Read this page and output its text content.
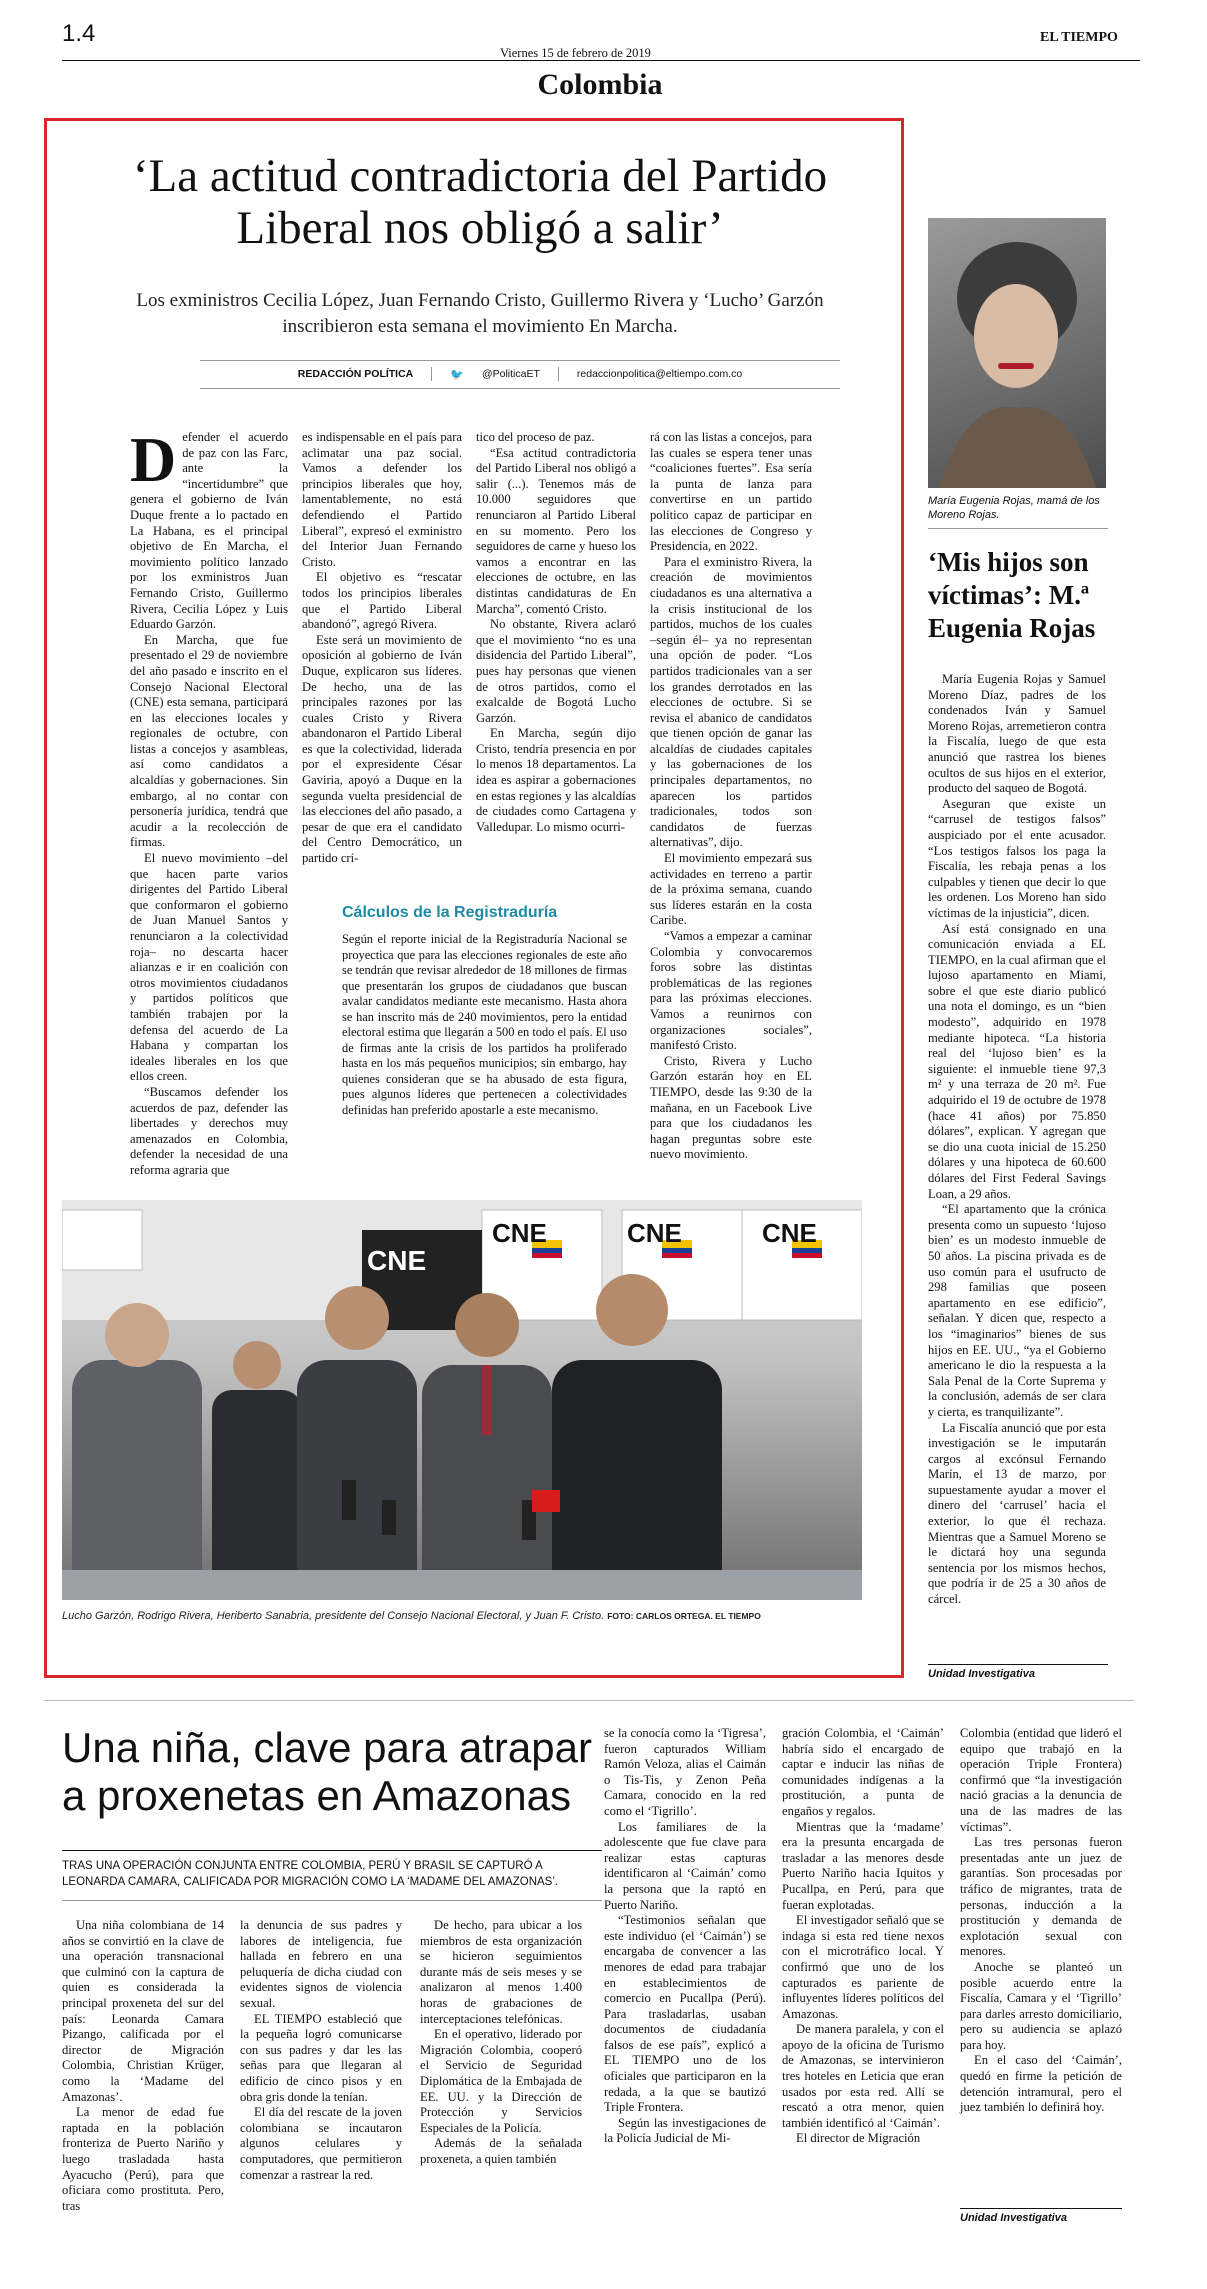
1.4
Viernes 15 de febrero de 2019
EL TIEMPO
Colombia
‘La actitud contradictoria del Partido Liberal nos obligó a salir’
Los exministros Cecilia López, Juan Fernando Cristo, Guillermo Rivera y ‘Lucho’ Garzón inscribieron esta semana el movimiento En Marcha.
REDACCIÓN POLÍTICA	🐦 @PoliticaET	redaccionpolitica@eltiempo.com.co

Defender el acuerdo de paz con las Farc, ante la “incertidumbre” que genera el gobierno de Iván Duque frente a lo pactado en La Habana, es el principal objetivo de En Marcha, el movimiento político lanzado por los exministros Juan Fernando Cristo, Guillermo Rivera, Cecilia López y Luis Eduardo Garzón.

En Marcha, que fue presentado el 29 de noviembre del año pasado e inscrito en el Consejo Nacional Electoral (CNE) esta semana, participará en las elecciones locales y regionales de octubre, con listas a concejos y asambleas, así como candidatos a alcaldías y gobernaciones. Sin embargo, al no contar con personería jurídica, tendrá que acudir a la recolección de firmas.

El nuevo movimiento –del que hacen parte varios dirigentes del Partido Liberal que conformaron el gobierno de Juan Manuel Santos y renunciaron a la colectividad roja– no descarta hacer alianzas e ir en coalición con otros movimientos ciudadanos y partidos políticos que también trabajen por la defensa del acuerdo de La Habana y compartan los ideales liberales en los que ellos creen.

“Buscamos defender los acuerdos de paz, defender las libertades y derechos muy amenazados en Colombia, defender la necesidad de una reforma agraria que

es indispensable en el país para aclimatar una paz social. Vamos a defender los principios liberales que hoy, lamentablemente, no está defendiendo el Partido Liberal”, expresó el exministro del Interior Juan Fernando Cristo.

El objetivo es “rescatar todos los principios liberales que el Partido Liberal abandonó”, agregó Rivera.

Este será un movimiento de oposición al gobierno de Iván Duque, explicaron sus líderes. De hecho, una de las principales razones por las cuales Cristo y Rivera abandonaron el Partido Liberal es que la colectividad, liderada por el expresidente César Gaviria, apoyó a Duque en la segunda vuelta presidencial de las elecciones del año pasado, a pesar de que era el candidato del Centro Democrático, un partido crí-

tico del proceso de paz.

“Esa actitud contradictoria del Partido Liberal nos obligó a salir (...). Tenemos más de 10.000 seguidores que renunciaron al Partido Liberal en su momento. Pero los seguidores de carne y hueso los vamos a encontrar en las elecciones de octubre, en las distintas candidaturas de En Marcha”, comentó Cristo.

No obstante, Rivera aclaró que el movimiento “no es una disidencia del Partido Liberal”, pues hay personas que vienen de otros partidos, como el exalcalde de Bogotá Lucho Garzón.

En Marcha, según dijo Cristo, tendría presencia en por lo menos 18 departamentos. La idea es aspirar a gobernaciones en estas regiones y las alcaldías de ciudades como Cartagena y Valledupar. Lo mismo ocurri-

rá con las listas a concejos, para las cuales se espera tener unas “coaliciones fuertes”. Esa sería la punta de lanza para convertirse en un partido político capaz de participar en las elecciones de Congreso y Presidencia, en 2022.

Para el exministro Rivera, la creación de movimientos ciudadanos es una alternativa a la crisis institucional de los partidos, muchos de los cuales –según él– ya no representan una opción de poder. “Los partidos tradicionales van a ser los grandes derrotados en las elecciones de octubre. Si se revisa el abanico de candidatos que tienen opción de ganar las alcaldías de ciudades capitales y las gobernaciones de los principales departamentos, no aparecen los partidos tradicionales, todos son candidatos de fuerzas alternativas”, dijo.

El movimiento empezará sus actividades en terreno a partir de la próxima semana, cuando sus líderes estarán en la costa Caribe.

“Vamos a empezar a caminar Colombia y convocaremos foros sobre las distintas problemáticas de las regiones para las próximas elecciones. Vamos a reunirnos con organizaciones sociales”, manifestó Cristo.

Cristo, Rivera y Lucho Garzón estarán hoy en EL TIEMPO, desde las 9:30 de la mañana, en un Facebook Live para que los ciudadanos les hagan preguntas sobre este nuevo movimiento.

Cálculos de la Registraduría
Según el reporte inicial de la Registraduría Nacional se proyectica que para las elecciones regionales de este año se tendrán que revisar alrededor de 18 millones de firmas que presentarán los grupos de ciudadanos que buscan avalar candidatos mediante este mecanismo. Hasta ahora se han inscrito más de 240 movimientos, pero la entidad electoral estima que llegarán a 500 en todo el país. El uso de firmas ante la crisis de los partidos ha proliferado hasta en los más pequeños municipios; sin embargo, hay quienes consideran que se ha abusado de esta figura, pues algunos líderes que pertenecen a colectividades definidas han preferido apostarle a este mecanismo.
CNE
CNE	CNE	CNE
Lucho Garzón, Rodrigo Rivera, Heriberto Sanabria, presidente del Consejo Nacional Electoral, y Juan F. Cristo. FOTO: CARLOS ORTEGA. EL TIEMPO
María Eugenia Rojas, mamá de los Moreno Rojas.
‘Mis hijos son víctimas’: M.ª Eugenia Rojas

María Eugenia Rojas y Samuel Moreno Díaz, padres de los condenados Iván y Samuel Moreno Rojas, arremetieron contra la Fiscalía, luego de que esta anunció que rastrea los bienes ocultos de sus hijos en el exterior, producto del saqueo de Bogotá.

Aseguran que existe un “carrusel de testigos falsos” auspiciado por el ente acusador. “Los testigos falsos los paga la Fiscalía, les rebaja penas a los culpables y tienen que decir lo que les ordenen. Los Moreno han sido víctimas de la injusticia”, dicen.

Así está consignado en una comunicación enviada a EL TIEMPO, en la cual afirman que el lujoso apartamento en Miami, sobre el que este diario publicó una nota el domingo, es un “bien modesto”, adquirido en 1978 mediante hipoteca. “La historia real del ‘lujoso bien’ es la siguiente: el inmueble tiene 97,3 m² y una terraza de 20 m². Fue adquirido el 19 de octubre de 1978 (hace 41 años) por 75.850 dólares”, explican. Y agregan que se dio una cuota inicial de 15.250 dólares y una hipoteca de 60.600 dólares del First Federal Savings Loan, a 29 años.

“El apartamento que la crónica presenta como un supuesto ‘lujoso bien’ es un modesto inmueble de 50 años. La piscina privada es de uso común para el usufructo de 298 familias que poseen apartamento en ese edificio”, señalan. Y dicen que, respecto a los “imaginarios” bienes de sus hijos en EE. UU., “ya el Gobierno americano le dio la respuesta a la Sala Penal de la Corte Suprema y la conclusión, además de ser clara y cierta, es tranquilizante”.

La Fiscalía anunció que por esta investigación se le imputarán cargos al excónsul Fernando Marín, el 13 de marzo, por supuestamente ayudar a mover el dinero del ‘carrusel’ hacia el exterior, lo que él rechaza. Mientras que a Samuel Moreno se le dictará hoy una segunda sentencia por los mismos hechos, que podría ir de 25 a 30 años de cárcel.

Unidad Investigativa
Una niña, clave para atrapar a proxenetas en Amazonas
TRAS UNA OPERACIÓN CONJUNTA ENTRE COLOMBIA, PERÚ Y BRASIL SE CAPTURÓ A LEONARDA CAMARA, CALIFICADA POR MIGRACIÓN COMO LA ‘MADAME DEL AMAZONAS’.

Una niña colombiana de 14 años se convirtió en la clave de una operación transnacional que culminó con la captura de quien es considerada la principal proxeneta del sur del país: Leonarda Camara Pizango, calificada por el director de Migración Colombia, Christian Krüger, como la ‘Madame del Amazonas’.

La menor de edad fue raptada en la población fronteriza de Puerto Nariño y luego trasladada hasta Ayacucho (Perú), para que oficiara como prostituta. Pero, tras

la denuncia de sus padres y labores de inteligencia, fue hallada en febrero en una peluquería de dicha ciudad con evidentes signos de violencia sexual.

EL TIEMPO estableció que la pequeña logró comunicarse con sus padres y dar les las señas para que llegaran al edificio de cinco pisos y en obra gris donde la tenían.

El día del rescate de la joven colombiana se incautaron algunos celulares y computadores, que permitieron comenzar a rastrear la red.

De hecho, para ubicar a los miembros de esta organización se hicieron seguimientos durante más de seis meses y se analizaron al menos 1.400 horas de grabaciones de interceptaciones telefónicas.

En el operativo, liderado por Migración Colombia, cooperó el Servicio de Seguridad Diplomática de la Embajada de EE. UU. y la Dirección de Protección y Servicios Especiales de la Policía.

Además de la señalada proxeneta, a quien también

se la conocía como la ‘Tigresa’, fueron capturados William Ramón Veloza, alias el Caimán o Tis-Tis, y Zenon Peña Camara, conocido en la red como el ‘Tigrillo’.

Los familiares de la adolescente que fue clave para realizar estas capturas identificaron al ‘Caimán’ como la persona que la raptó en Puerto Nariño.

“Testimonios señalan que este individuo (el ‘Caimán’) se encargaba de convencer a las menores de edad para trabajar en establecimientos de comercio en Pucallpa (Perú). Para trasladarlas, usaban documentos de ciudadanía falsos de ese país”, explicó a EL TIEMPO uno de los oficiales que participaron en la redada, a la que se bautizó Triple Frontera.

Según las investigaciones de la Policía Judicial de Mi-

gración Colombia, el ‘Caimán’ habría sido el encargado de captar e inducir las niñas de comunidades indígenas a la prostitución, a punta de engaños y regalos.

Mientras que la ‘madame’ era la presunta encargada de trasladar a las menores desde Puerto Nariño hacia Iquitos y Pucallpa, en Perú, para que fueran explotadas.

El investigador señaló que se indaga si esta red tiene nexos con el microtráfico local. Y confirmó que uno de los capturados es pariente de influyentes líderes políticos del Amazonas.

De manera paralela, y con el apoyo de la oficina de Turismo de Amazonas, se intervinieron tres hoteles en Leticia que eran usados por esta red. Allí se rescató a otra menor, quien también identificó al ‘Caimán’.

El director de Migración

Colombia (entidad que lideró el equipo que trabajó en la operación Triple Frontera) confirmó que “la investigación nació gracias a la denuncia de una de las madres de las víctimas”.

Las tres personas fueron presentadas ante un juez de garantías. Son procesadas por tráfico de migrantes, trata de personas, inducción a la prostitución y demanda de explotación sexual con menores.

Anoche se planteó un posible acuerdo entre la Fiscalía, Camara y el ‘Tigrillo’ para darles arresto domiciliario, pero su audiencia se aplazó para hoy.

En el caso del ‘Caimán’, quedó en firme la petición de detención intramural, pero el juez también lo definirá hoy.

Unidad Investigativa
